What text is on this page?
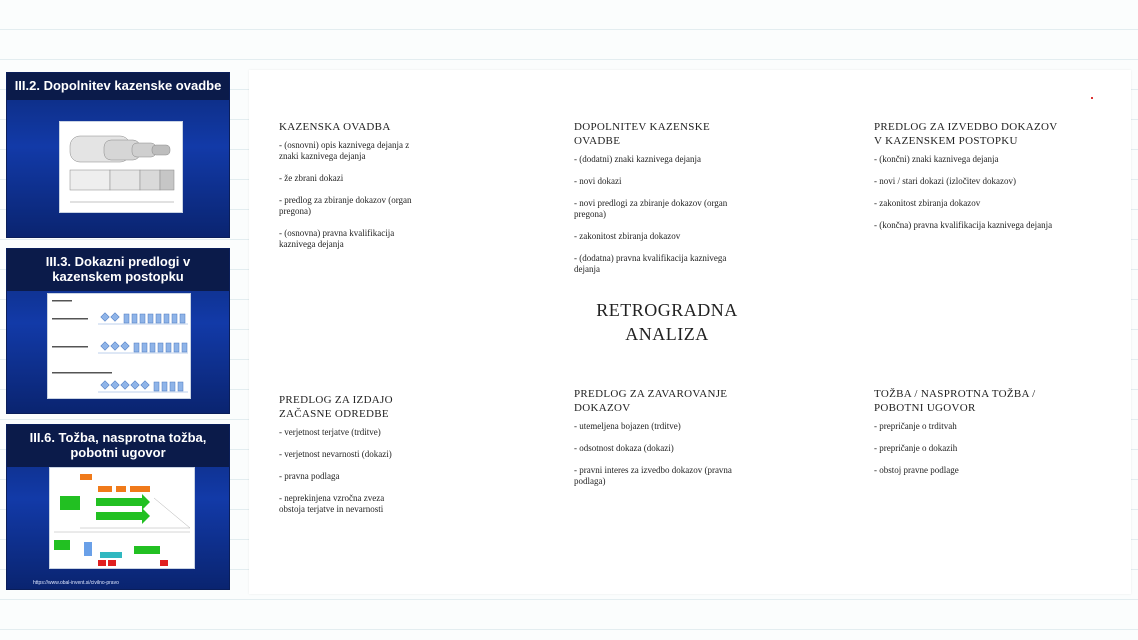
III.2. Dopolnitev kazenske ovadbe
III.3. Dokazni predlogi v kazenskem postopku
III.6. Tožba, nasprotna tožba, pobotni ugovor
https://www.obal-invent.si/civilno-pravo
KAZENSKA OVADBA
- (osnovni) opis kaznivega dejanja z znaki kaznivega dejanja
- že zbrani dokazi
- predlog za zbiranje dokazov (organ pregona)
- (osnovna) pravna kvalifikacija kaznivega dejanja
DOPOLNITEV KAZENSKE OVADBE
- (dodatni) znaki kaznivega dejanja
- novi dokazi
- novi predlogi za zbiranje dokazov (organ pregona)
- zakonitost zbiranja dokazov
- (dodatna) pravna kvalifikacija kaznivega dejanja
PREDLOG ZA IZVEDBO DOKAZOV V KAZENSKEM POSTOPKU
- (končni) znaki kaznivega dejanja
- novi / stari dokazi (izločitev dokazov)
- zakonitost zbiranja dokazov
- (končna) pravna kvalifikacija kaznivega dejanja
RETROGRADNA
ANALIZA
PREDLOG ZA IZDAJO ZAČASNE ODREDBE
- verjetnost terjatve (trditve)
- verjetnost nevarnosti (dokazi)
- pravna podlaga
- neprekinjena vzročna zveza obstoja terjatve in nevarnosti
PREDLOG ZA ZAVAROVANJE DOKAZOV
- utemeljena bojazen (trditve)
- odsotnost dokaza (dokazi)
- pravni interes za izvedbo dokazov (pravna podlaga)
TOŽBA / NASPROTNA TOŽBA / POBOTNI UGOVOR
- prepričanje o trditvah
- prepričanje o dokazih
- obstoj pravne podlage
